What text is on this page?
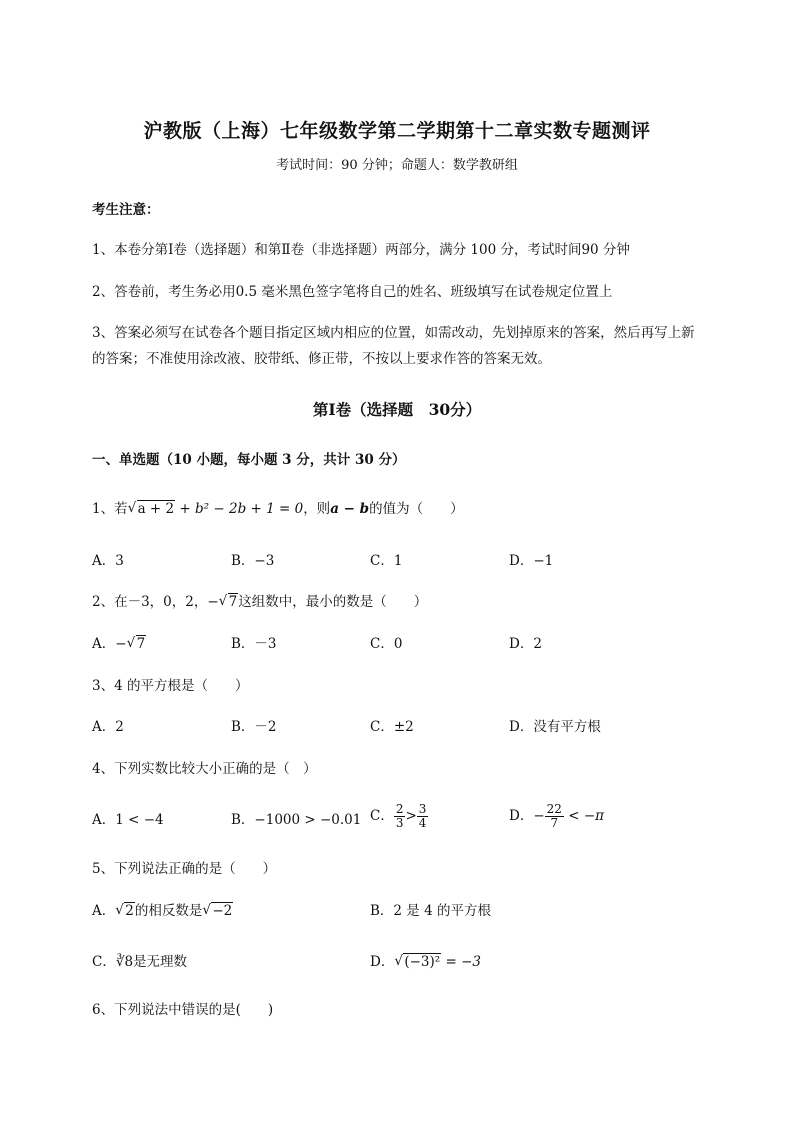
沪教版（上海）七年级数学第二学期第十二章实数专题测评
考试时间：90 分钟；命题人：数学教研组
考生注意：
1、本卷分第Ⅰ卷（选择题）和第Ⅱ卷（非选择题）两部分，满分 100 分，考试时间90 分钟
2、答卷前，考生务必用0.5 毫米黑色签字笔将自己的姓名、班级填写在试卷规定位置上
3、答案必须写在试卷各个题目指定区域内相应的位置，如需改动，先划掉原来的答案，然后再写上新
的答案；不准使用涂改液、胶带纸、修正带，不按以上要求作答的答案无效。
第Ⅰ卷（选择题　30分）
一、单选题（10 小题，每小题 3 分，共计 30 分）
1、若 √ a + 2 + b² − 2b + 1 = 0，则a − b的值为（　　）
A．3	B．−3	C．1	D．−1
2、在－3，0，2，− √ 7这组数中，最小的数是（　　）
A．− √ 7	B．－3	C．0	D．2
3、4 的平方根是（　　）
A．2	B．－2	C．±2	D．没有平方根
4、下列实数比较大小正确的是（　）
A．1 < −4	B．−1000 > −0.01 C． $\frac{2}{3} > \frac{3}{4}$	D．− $\frac{22}{7} < -\pi$
5、下列说法正确的是（　　）
A． √ 2的相反数是 √ −2	B．2 是 4 的平方根
C．∛8是无理数	D． √ (−3)² = −3
6、下列说法中错误的是(　　)
